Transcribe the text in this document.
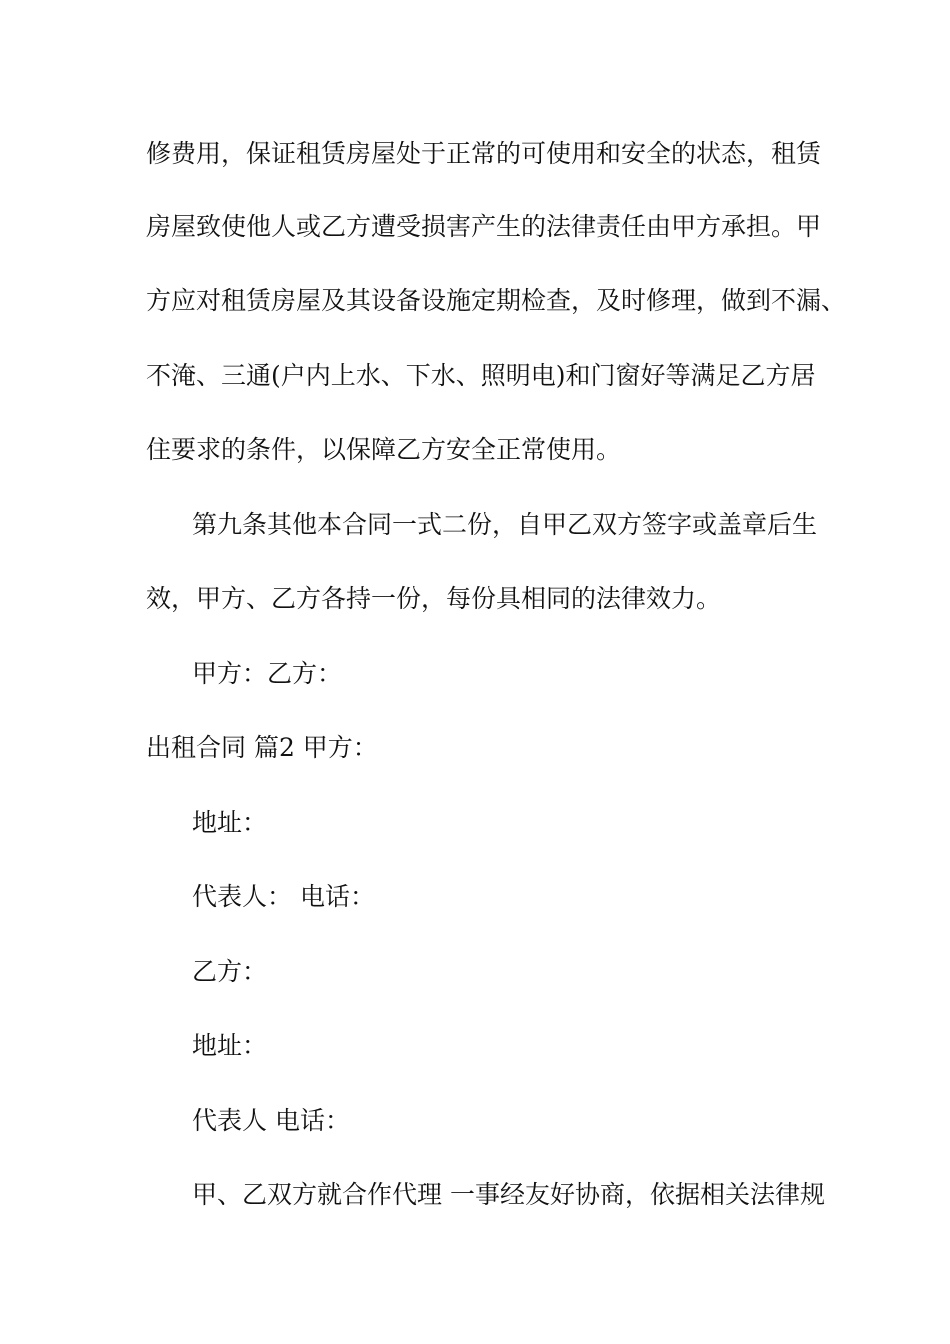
修费用，保证租赁房屋处于正常的可使用和安全的状态，租赁
房屋致使他人或乙方遭受损害产生的法律责任由甲方承担。甲
方应对租赁房屋及其设备设施定期检查，及时修理，做到不漏、
不淹、三通(户内上水、下水、照明电)和门窗好等满足乙方居
住要求的条件，以保障乙方安全正常使用。
第九条其他本合同一式二份，自甲乙双方签字或盖章后生
效，甲方、乙方各持一份，每份具相同的法律效力。
甲方：乙方：
出租合同 篇2 甲方：
地址：
代表人： 电话：
乙方：
地址：
代表人 电话：
甲、乙双方就合作代理 一事经友好协商，依据相关法律规
